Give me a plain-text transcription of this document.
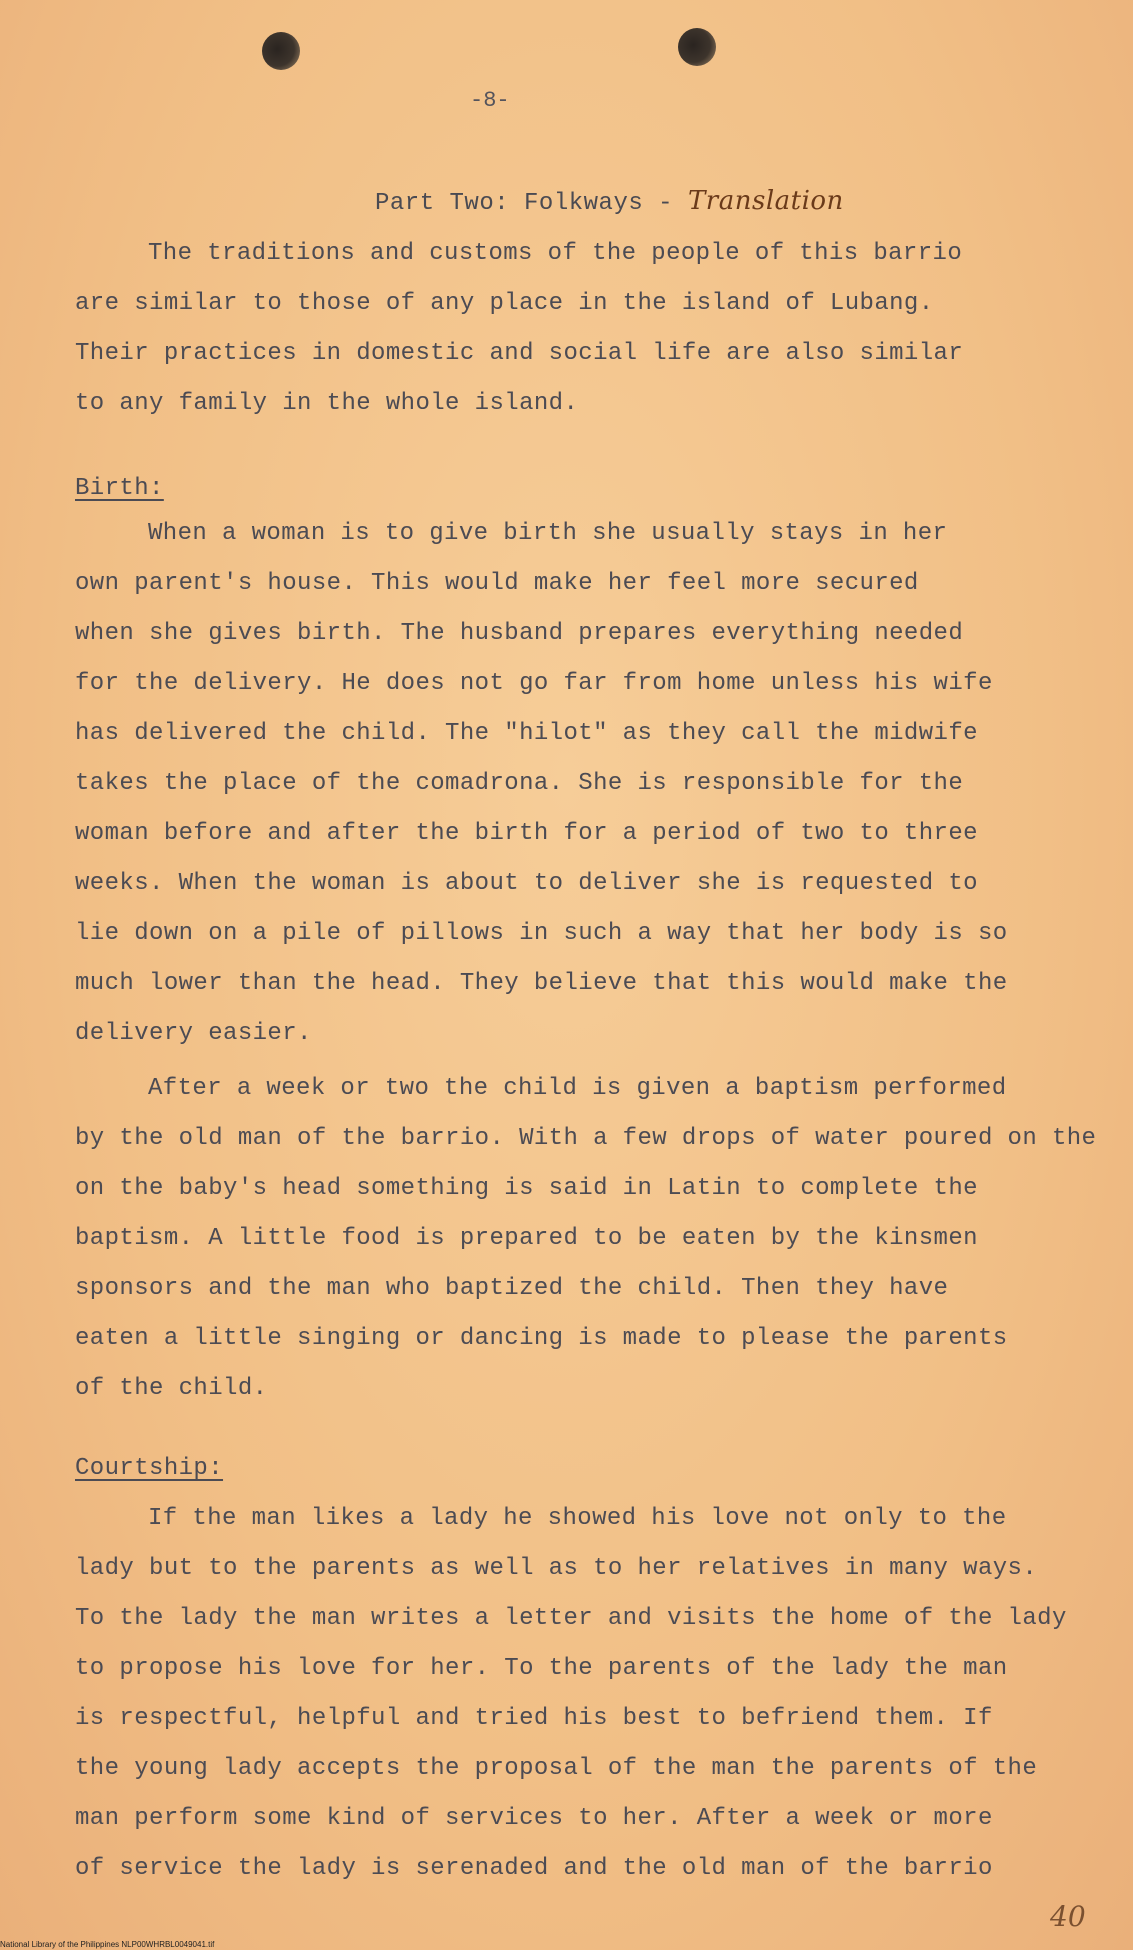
-8-
Part Two: Folkways - Translation
The traditions and customs of the people of this barrio
are similar to those of any place in the island of Lubang.
Their practices in domestic and social life are also similar
to any family in the whole island.
Birth:
When a woman is to give birth she usually stays in her
own parent's house. This would make her feel more secured
when she gives birth. The husband prepares everything needed
for the delivery. He does not go far from home unless his wife
has delivered the child. The "hilot" as they call the midwife
takes the place of the comadrona. She is responsible for the
woman before and after the birth for a period of two to three
weeks. When the woman is about to deliver she is requested to
lie down on a pile of pillows in such a way that her body is so
much lower than the head. They believe that this would make the
delivery easier.
After a week or two the child is given a baptism performed
by the old man of the barrio. With a few drops of water poured on the
on the baby's head something is said in Latin to complete the
baptism. A little food is prepared to be eaten by the kinsmen
sponsors and the man who baptized the child. Then they have
eaten a little singing or dancing is made to please the parents
of the child.
Courtship:
If the man likes a lady he showed his love not only to the
lady but to the parents as well as to her relatives in many ways.
To the lady the man writes a letter and visits the home of the lady
to propose his love for her. To the parents of the lady the man
is respectful, helpful and tried his best to befriend them. If
the young lady accepts the proposal of the man the parents of the
man perform some kind of services to her. After a week or more
of service the lady is serenaded and the old man of the barrio
40
National Library of the Philippines NLP00WHRBL0049041.tif
